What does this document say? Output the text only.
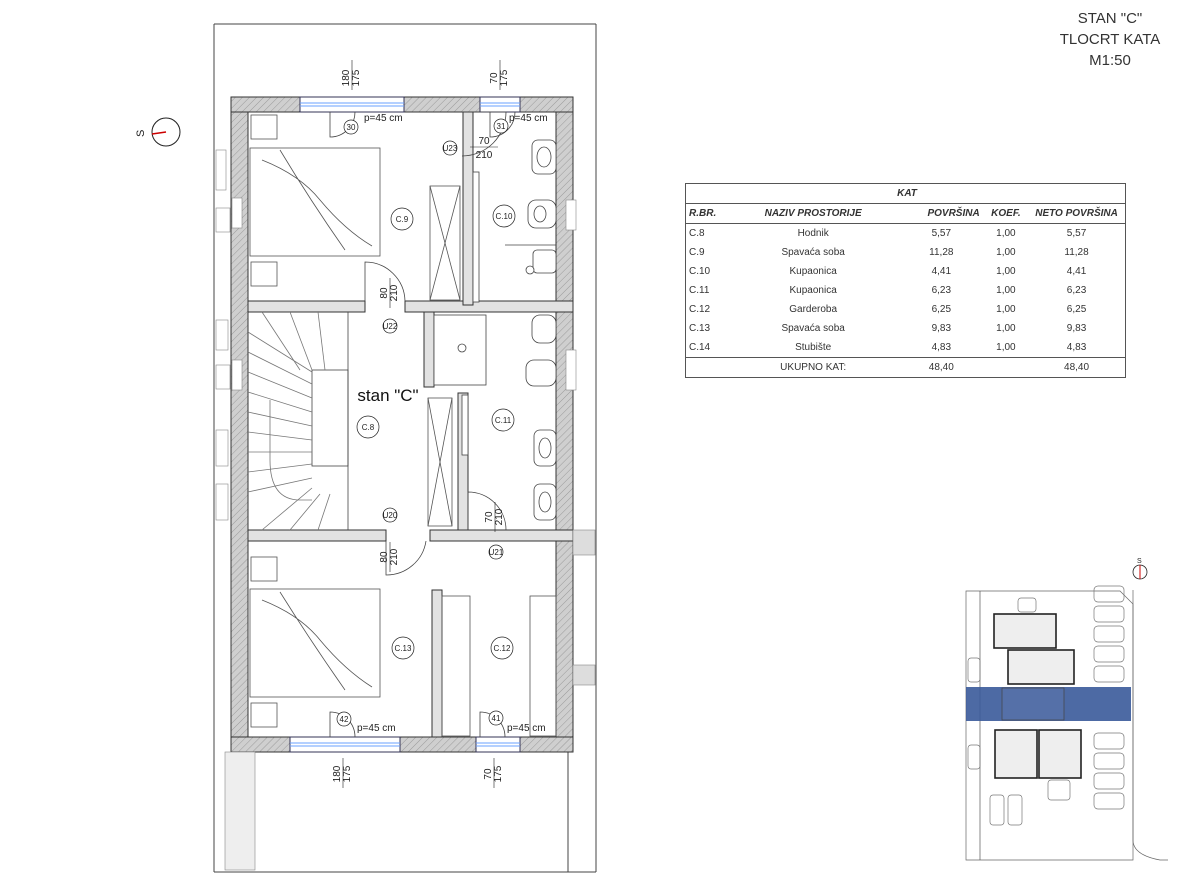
STAN "C"
TLOCRT KATA
M1:50
KAT				
R.BR.	NAZIV PROSTORIJE	POVRŠINA	KOEF.	NETO POVRŠINA
C.8	Hodnik	5,57	1,00	5,57
C.9	Spavaća soba	11,28	1,00	11,28
C.10	Kupaonica	4,41	1,00	4,41
C.11	Kupaonica	6,23	1,00	6,23
C.12	Garderoba	6,25	1,00	6,25
C.13	Spavaća soba	9,83	1,00	9,83
C.14	Stubište	4,83	1,00	4,83
	UKUPNO KAT:	48,40		48,40
180 175	70 175
180 175	70 175
p=45 cm	p=45 cm
p=45 cm	p=45 cm
30	31
42	41
U23
U22
U20
U21
70
210
80 210
80 210
70 210
C.9	C.10
C.8
C.11
C.13	C.12
stan "C"
S
S
